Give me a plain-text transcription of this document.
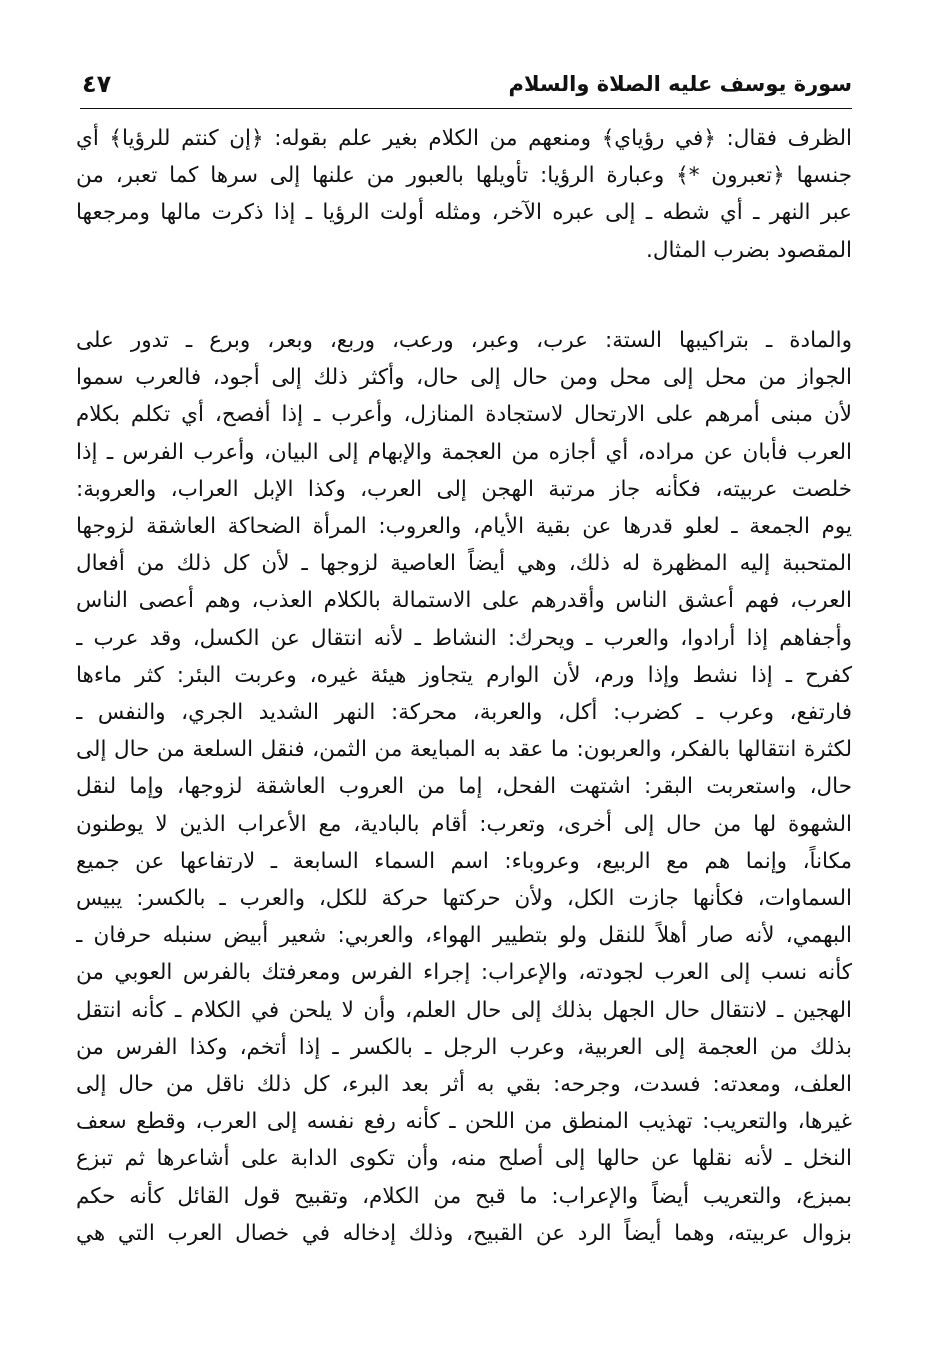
٤٧	سورة يوسف عليه الصلاة والسلام
الظرف فقال: ﴿في رؤياي﴾ ومنعهم من الكلام بغير علم بقوله: ﴿إن كنتم للرؤيا﴾ أي
جنسها ﴿تعبرون *﴾ وعبارة الرؤيا: تأويلها بالعبور من علنها إلى سرها كما تعبر، من
عبر النهر ـ أي شطه ـ إلى عبره الآخر، ومثله أولت الرؤيا ـ إذا ذكرت مالها ومرجعها
المقصود بضرب المثال.
والمادة ـ بتراكيبها الستة: عرب، وعبر، ورعب، وربع، وبعر، وبرع ـ تدور على
الجواز من محل إلى محل ومن حال إلى حال، وأكثر ذلك إلى أجود، فالعرب سموا
لأن مبنى أمرهم على الارتحال لاستجادة المنازل، وأعرب ـ إذا أفصح، أي تكلم بكلام
العرب فأبان عن مراده، أي أجازه من العجمة والإبهام إلى البيان، وأعرب الفرس ـ إذا
خلصت عربيته، فكأنه جاز مرتبة الهجن إلى العرب، وكذا الإبل العراب، والعروبة:
يوم الجمعة ـ لعلو قدرها عن بقية الأيام، والعروب: المرأة الضحاكة العاشقة لزوجها
المتحببة إليه المظهرة له ذلك، وهي أيضاً العاصية لزوجها ـ لأن كل ذلك من أفعال
العرب، فهم أعشق الناس وأقدرهم على الاستمالة بالكلام العذب، وهم أعصى الناس
وأجفاهم إذا أرادوا، والعرب ـ ويحرك: النشاط ـ لأنه انتقال عن الكسل، وقد عرب ـ
كفرح ـ إذا نشط وإذا ورم، لأن الوارم يتجاوز هيئة غيره، وعربت البئر: كثر ماءها
فارتفع، وعرب ـ كضرب: أكل، والعربة، محركة: النهر الشديد الجري، والنفس ـ
لكثرة انتقالها بالفكر، والعربون: ما عقد به المبايعة من الثمن، فنقل السلعة من حال إلى
حال، واستعربت البقر: اشتهت الفحل، إما من العروب العاشقة لزوجها، وإما لنقل
الشهوة لها من حال إلى أخرى، وتعرب: أقام بالبادية، مع الأعراب الذين لا يوطنون
مكاناً، وإنما هم مع الربيع، وعروباء: اسم السماء السابعة ـ لارتفاعها عن جميع
السماوات، فكأنها جازت الكل، ولأن حركتها حركة للكل، والعرب ـ بالكسر: يبيس
البهمي، لأنه صار أهلاً للنقل ولو بتطيير الهواء، والعربي: شعير أبيض سنبله حرفان ـ
كأنه نسب إلى العرب لجودته، والإعراب: إجراء الفرس ومعرفتك بالفرس العوبي من
الهجين ـ لانتقال حال الجهل بذلك إلى حال العلم، وأن لا يلحن في الكلام ـ كأنه انتقل
بذلك من العجمة إلى العربية، وعرب الرجل ـ بالكسر ـ إذا أتخم، وكذا الفرس من
العلف، ومعدته: فسدت، وجرحه: بقي به أثر بعد البرء، كل ذلك ناقل من حال إلى
غيرها، والتعريب: تهذيب المنطق من اللحن ـ كأنه رفع نفسه إلى العرب، وقطع سعف
النخل ـ لأنه نقلها عن حالها إلى أصلح منه، وأن تكوى الدابة على أشاعرها ثم تبزع
بمبزع، والتعريب أيضاً والإعراب: ما قبح من الكلام، وتقبيح قول القائل كأنه حكم
بزوال عربيته، وهما أيضاً الرد عن القبيح، وذلك إدخاله في خصال العرب التي هي
